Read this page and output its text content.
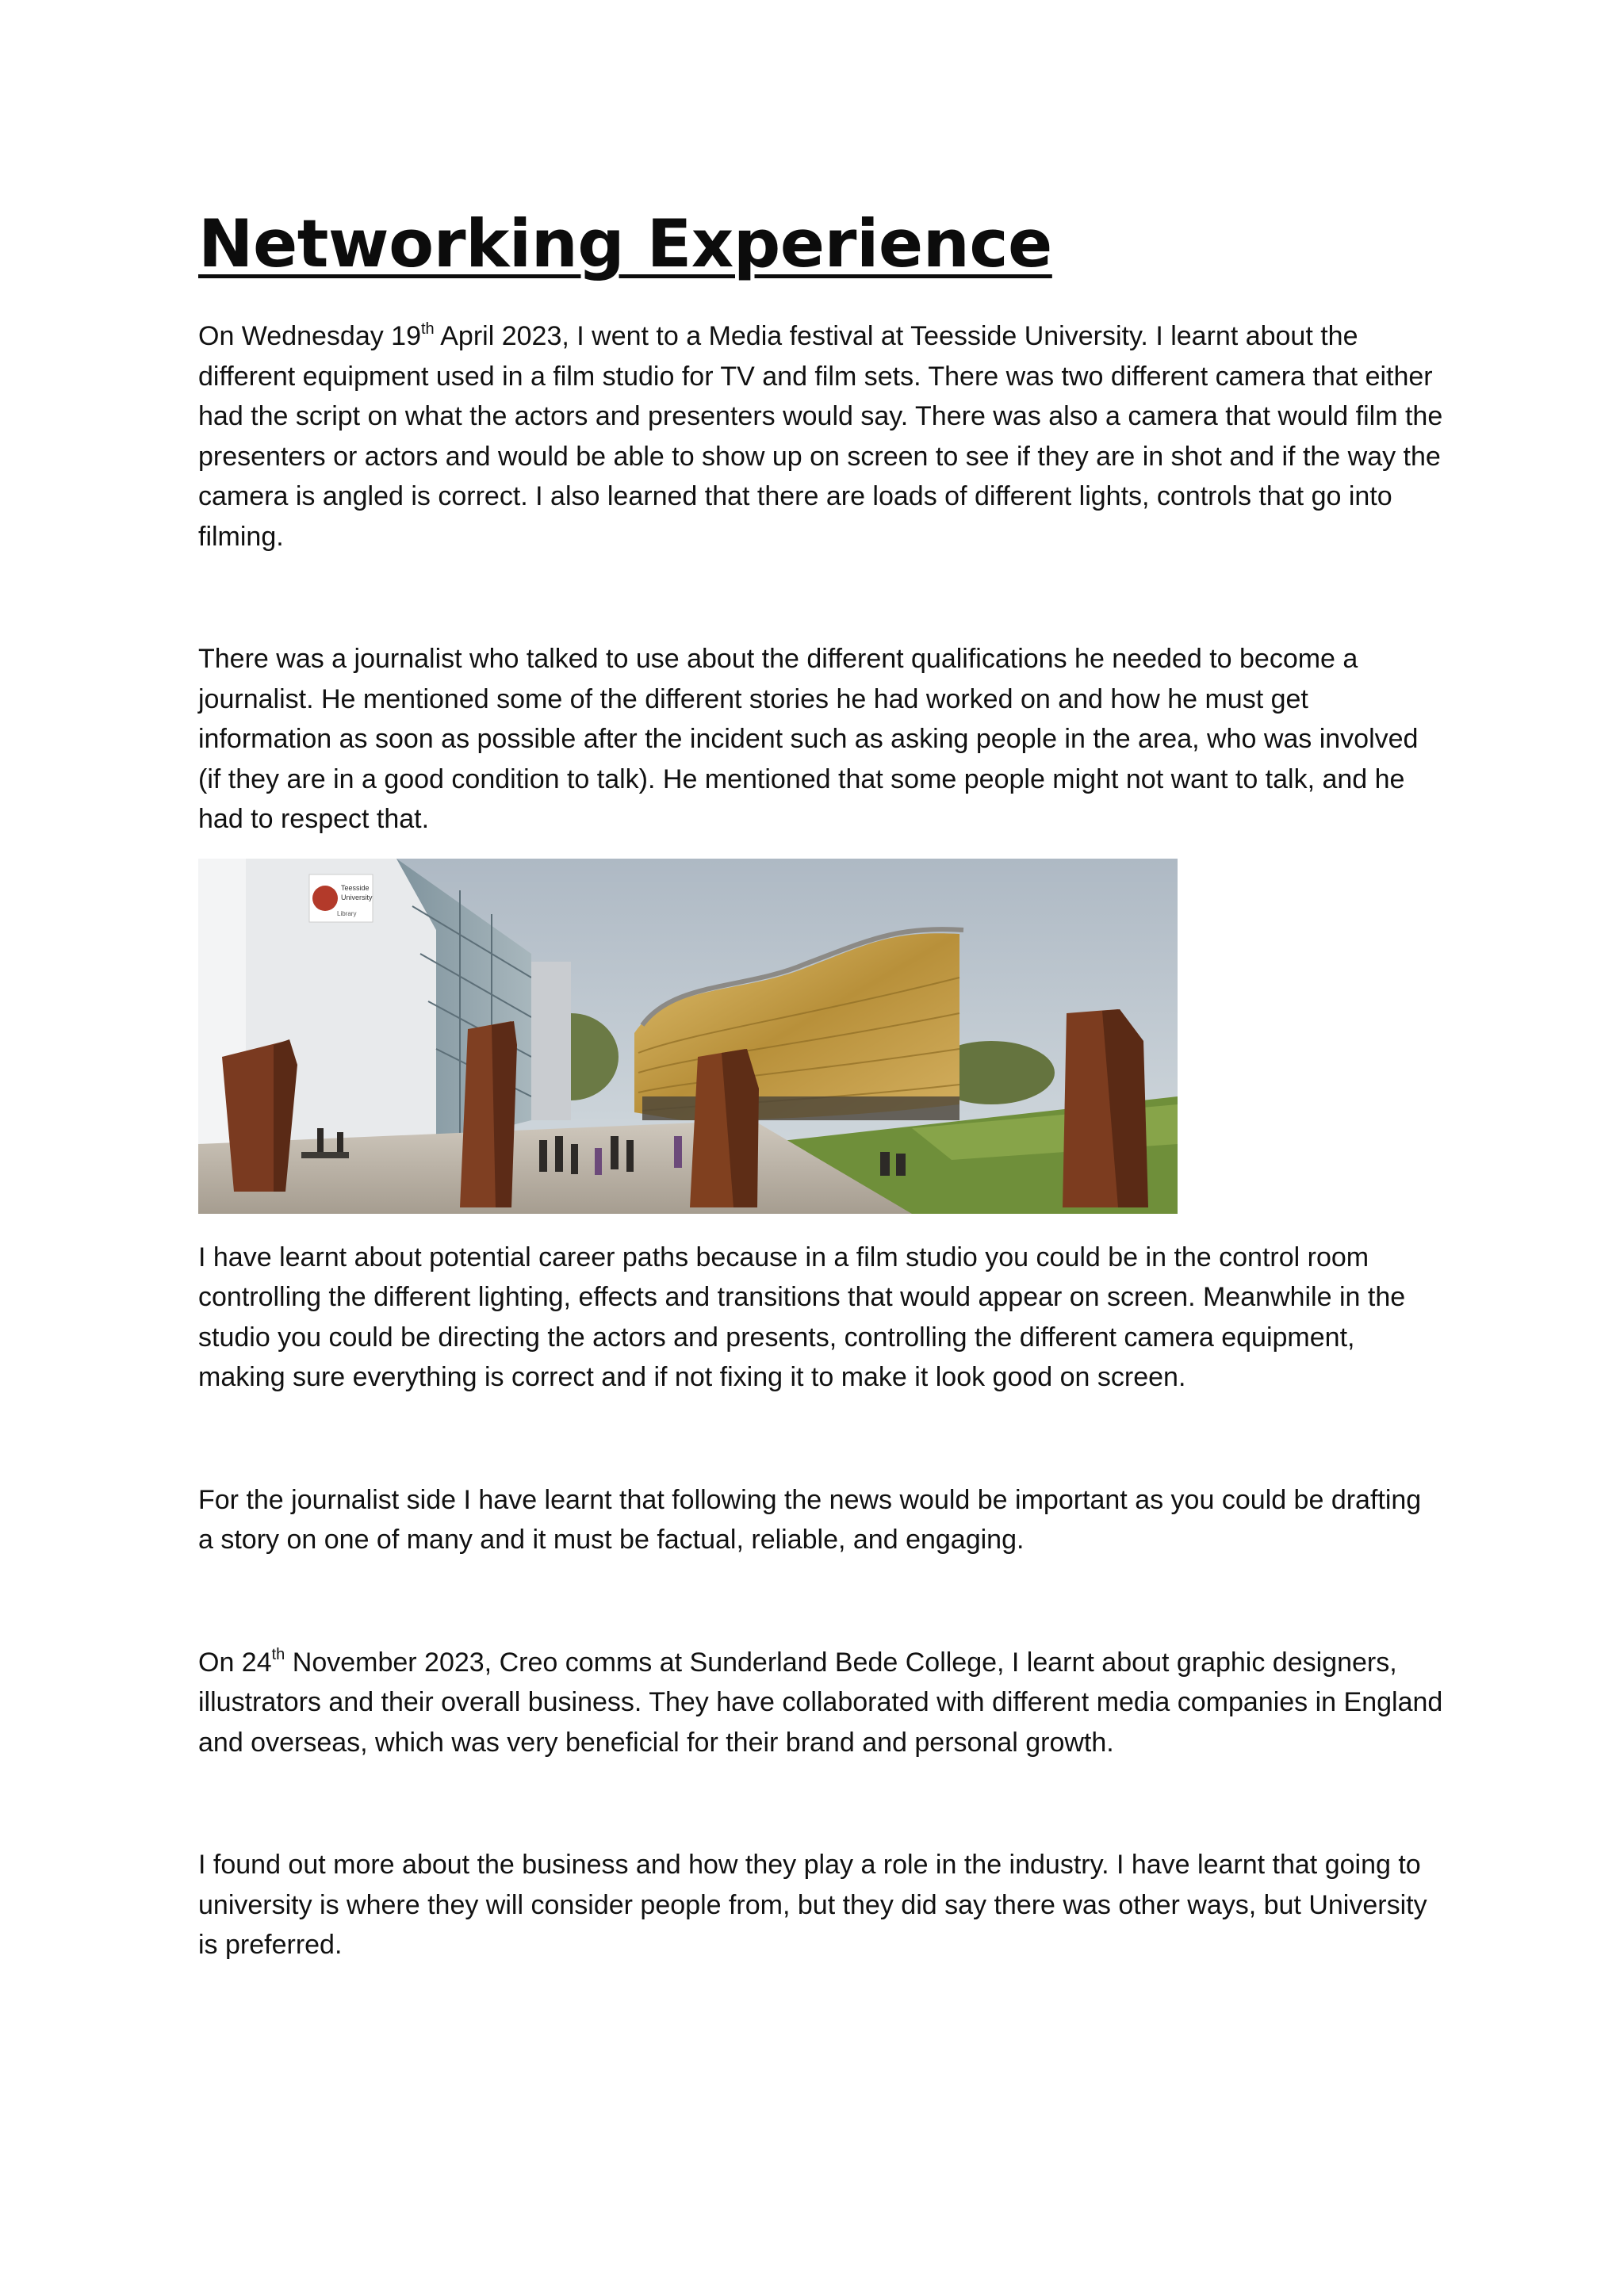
Networking Experience

On Wednesday 19th April 2023, I went to a Media festival at Teesside University. I learnt about the different equipment used in a film studio for TV and film sets. There was two different camera that either had the script on what the actors and presenters would say. There was also a camera that would film the presenters or actors and would be able to show up on screen to see if they are in shot and if the way the camera is angled is correct. I also learned that there are loads of different lights, controls that go into filming.

There was a journalist who talked to use about the different qualifications he needed to become a journalist. He mentioned some of the different stories he had worked on and how he must get information as soon as possible after the incident such as asking people in the area, who was involved (if they are in a good condition to talk). He mentioned that some people might not want to talk, and he had to respect that.

Teesside
University
Library

I have learnt about potential career paths because in a film studio you could be in the control room controlling the different lighting, effects and transitions that would appear on screen. Meanwhile in the studio you could be directing the actors and presents, controlling the different camera equipment, making sure everything is correct and if not fixing it to make it look good on screen.

For the journalist side I have learnt that following the news would be important as you could be drafting a story on one of many and it must be factual, reliable, and engaging.

On 24th November 2023, Creo comms at Sunderland Bede College, I learnt about graphic designers, illustrators and their overall business. They have collaborated with different media companies in England and overseas, which was very beneficial for their brand and personal growth.

I found out more about the business and how they play a role in the industry. I have learnt that going to university is where they will consider people from, but they did say there was other ways, but University is preferred.
